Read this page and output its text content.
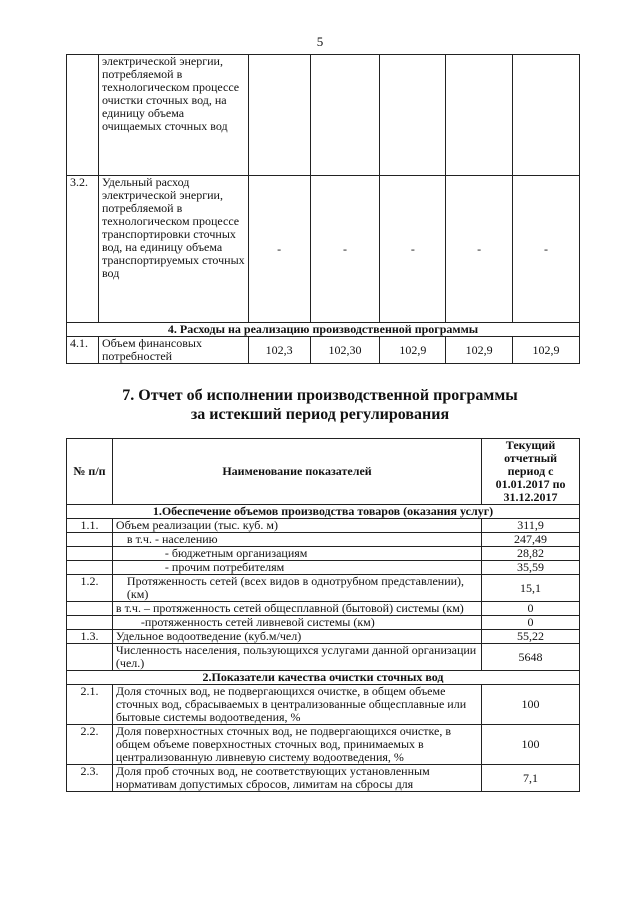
5
	электрической энергии, потребляемой в технологическом процессе очистки сточных вод, на единицу объема очищаемых сточных вод					
3.2.	Удельный расход электрической энергии, потребляемой в технологическом процессе транспортировки сточных вод, на единицу объема транспортируемых сточных вод	-	-	-	-	-
4. Расходы на реализацию производственной программы						
4.1.	Объем финансовых потребностей	102,3	102,30	102,9	102,9	102,9
7. Отчет об исполнении производственной программы
за истекший период регулирования
№ п/п	Наименование показателей	Текущий отчетный период с 01.01.2017 по 31.12.2017
1.Обеспечение объемов производства товаров (оказания услуг)		
1.1.	Объем реализации (тыс. куб. м)	311,9
	в т.ч. - населению	247,49
	- бюджетным организациям	28,82
	- прочим потребителям	35,59
1.2.	Протяженность сетей (всех видов в однотрубном представлении), (км)	15,1
	в т.ч. – протяженность сетей общесплавной (бытовой) системы (км)	0
	-протяженность сетей ливневой системы (км)	0
1.3.	Удельное водоотведение (куб.м/чел)	55,22
	Численность населения, пользующихся услугами данной организации (чел.)	5648
2.Показатели качества очистки сточных вод		
2.1.	Доля сточных вод, не подвергающихся очистке, в общем объеме сточных вод, сбрасываемых в централизованные общесплавные или бытовые системы водоотведения, %	100
2.2.	Доля поверхностных сточных вод, не подвергающихся очистке, в общем объеме поверхностных сточных вод, принимаемых в централизованную ливневую систему водоотведения, %	100
2.3.	Доля проб сточных вод, не соответствующих установленным нормативам допустимых сбросов, лимитам на сбросы для	7,1
